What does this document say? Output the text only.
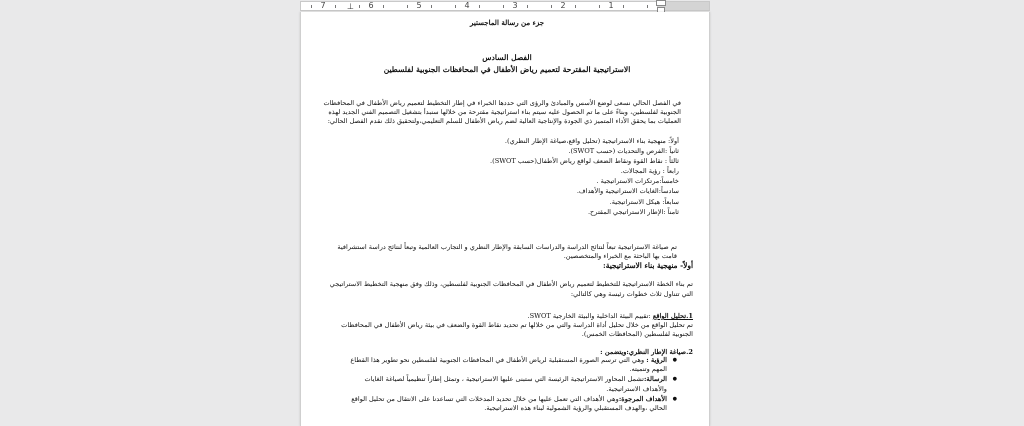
⊥
7	6	5	4	3	2	1
جزء من رسالة الماجستير
الفصل السادس
الاستراتيجية المقترحة لتعميم رياض الأطفال في المحافظات الجنوبية لفلسطين
في الفصل الحالي نسعى لوضع الأسس والمبادئ والرؤى التي حددها الخبراء في إطار التخطيط لتعميم رياض الأطفال في المحافظات الجنوبية لفلسطين، وبناءً على ما تم الحصول عليه سيتم بناء استراتيجية مقترحة من خلالها سنبدأ بتشغيل التصميم الفني الجديد لهذه العمليات بما يحقق الأداء المتميز ذي الجودة والإنتاجية العالية لضم رياض الأطفال للسلم التعليمي،ولتحقيق ذلك نقدم الفصل الحالي:
أولاً: منهجية بناء الاستراتيجية (تحليل واقع،صياغة الإطار النظري).
ثانياً :الفرص والتحديات (حسب SWOT).
ثالثاً : نقاط القوة ونقاط الضعف لواقع رياض الأطفال(حسب SWOT).
رابعاً : رؤية المجالات.
خامساً:مرتكزات الاستراتيجية .
سادساً:الغايات الاستراتيجية والأهداف.
سابعاً: هيكل الاستراتيجية.
ثامناً :الإطار الاستراتيجي المقترح.
تم صياغة الاستراتيجية تبعاً لنتائج الدراسة والدراسات السابقة والإطار النظري و التجارب العالمية وتبعاً لنتائج دراسة استشرافية قامت بها الباحثة مع الخبراء والمتخصصين.
أولاً- منهجية بناء الاستراتيجية:
تم بناء الخطة الاستراتيجية للتخطيط لتعميم رياض الأطفال في المحافظات الجنوبية لفلسطين، وذلك وفق منهجية التخطيط الاستراتيجي التي تتناول ثلاث خطوات رئيسة وهي كالتالي:
1.تحليل الواقع :تقييم البيئة الداخلية والبيئة الخارجية SWOT.
تم تحليل الواقع من خلال تحليل أداة الدراسة والتي من خلالها تم تحديد نقاط القوة والضعف في بيئة رياض الأطفال في المحافظات الجنوبية لفلسطين (المحافظات الخمس).
2.صياغة الإطار النظري:ويتضمن :
● الرؤية : وهي التي ترسم الصورة المستقبلية لرياض الأطفال في المحافظات الجنوبية لفلسطين نحو تطوير هذا القطاع المهم وتنميته.
● الرسالة:تشمل المحاور الاستراتيجية الرئيسة التي ستبنى عليها الاستراتيجية ، وتمثل إطاراً تنظيمياً لصياغة الغايات والأهداف الاستراتيجية.
● الأهداف المرجوة:وهي الأهداف التي تعمل عليها من خلال تحديد المدخلات التي تساعدنا على الانتقال من تحليل الواقع الحالي ،والهدف المستقبلي والرؤية الشمولية لبناء هذه الاستراتيجية.
